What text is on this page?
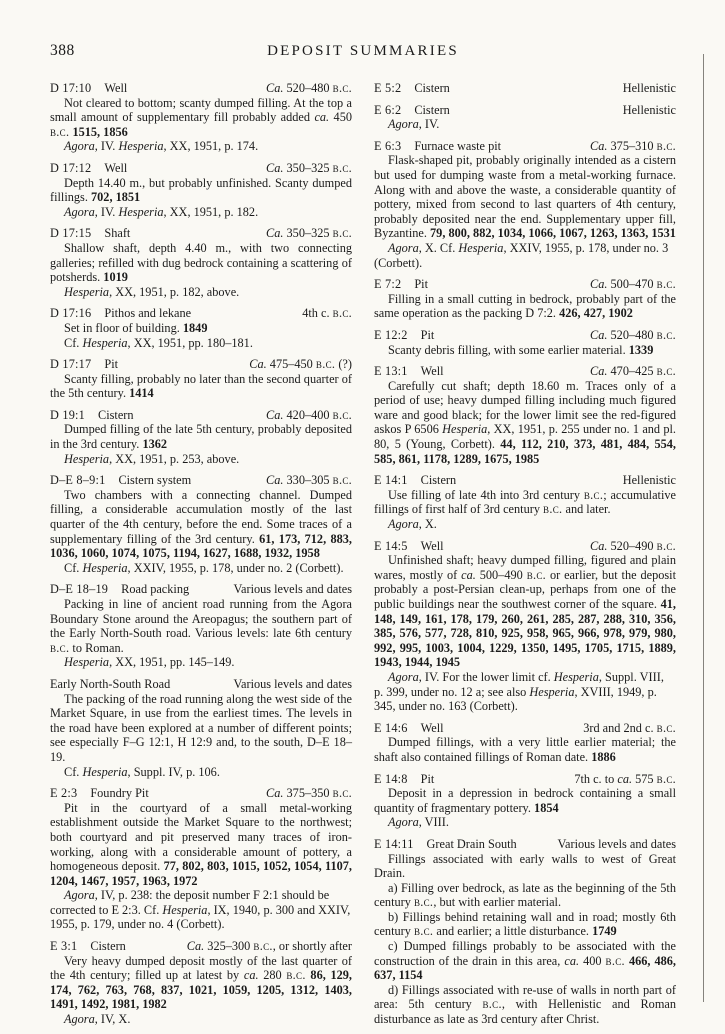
388	DEPOSIT SUMMARIES
D 17:10 Well	Ca. 520–480 b.c.

Not cleared to bottom; scanty dumped filling. At the top a small amount of supplementary fill probably added ca. 450 b.c. 1515, 1856

Agora, IV. Hesperia, XX, 1951, p. 174.

D 17:12 Well	Ca. 350–325 b.c.

Depth 14.40 m., but probably unfinished. Scanty dumped fillings. 702, 1851

Agora, IV. Hesperia, XX, 1951, p. 182.

D 17:15 Shaft	Ca. 350–325 b.c.

Shallow shaft, depth 4.40 m., with two connecting galleries; refilled with dug bedrock containing a scattering of potsherds. 1019

Hesperia, XX, 1951, p. 182, above.

D 17:16 Pithos and lekane	4th c. b.c.

Set in floor of building. 1849

Cf. Hesperia, XX, 1951, pp. 180–181.

D 17:17 Pit	Ca. 475–450 b.c. (?)

Scanty filling, probably no later than the second quarter of the 5th century. 1414

D 19:1 Cistern	Ca. 420–400 b.c.

Dumped filling of the late 5th century, probably deposited in the 3rd century. 1362

Hesperia, XX, 1951, p. 253, above.

D–E 8–9:1 Cistern system	Ca. 330–305 b.c.

Two chambers with a connecting channel. Dumped filling, a considerable accumulation mostly of the last quarter of the 4th century, before the end. Some traces of a supplementary filling of the 3rd century. 61, 173, 712, 883, 1036, 1060, 1074, 1075, 1194, 1627, 1688, 1932, 1958

Cf. Hesperia, XXIV, 1955, p. 178, under no. 2 (Corbett).

D–E 18–19 Road packing	Various levels and dates

Packing in line of ancient road running from the Agora Boundary Stone around the Areopagus; the southern part of the Early North-South road. Various levels: late 6th century b.c. to Roman.

Hesperia, XX, 1951, pp. 145–149.

Early North-South Road	Various levels and dates

The packing of the road running along the west side of the Market Square, in use from the earliest times. The levels in the road have been explored at a number of different points; see especially F–G 12:1, H 12:9 and, to the south, D–E 18–19.

Cf. Hesperia, Suppl. IV, p. 106.

E 2:3 Foundry Pit	Ca. 375–350 b.c.

Pit in the courtyard of a small metal-working establishment outside the Market Square to the northwest; both courtyard and pit preserved many traces of iron-working, along with a considerable amount of pottery, a homogeneous deposit. 77, 802, 803, 1015, 1052, 1054, 1107, 1204, 1467, 1957, 1963, 1972

Agora, IV, p. 238: the deposit number F 2:1 should be corrected to E 2:3. Cf. Hesperia, IX, 1940, p. 300 and XXIV, 1955, p. 179, under no. 4 (Corbett).

E 3:1 Cistern	Ca. 325–300 b.c., or shortly after

Very heavy dumped deposit mostly of the last quarter of the 4th century; filled up at latest by ca. 280 b.c. 86, 129, 174, 762, 763, 768, 837, 1021, 1059, 1205, 1312, 1403, 1491, 1492, 1981, 1982

Agora, IV, X.

E 5:2 Cistern	Hellenistic
E 6:2 Cistern	Hellenistic

Agora, IV.

E 6:3 Furnace waste pit	Ca. 375–310 b.c.

Flask-shaped pit, probably originally intended as a cistern but used for dumping waste from a metal-working furnace. Along with and above the waste, a considerable quantity of pottery, mixed from second to last quarters of 4th century, probably deposited near the end. Supplementary upper fill, Byzantine. 79, 800, 882, 1034, 1066, 1067, 1263, 1363, 1531

Agora, X. Cf. Hesperia, XXIV, 1955, p. 178, under no. 3 (Corbett).

E 7:2 Pit	Ca. 500–470 b.c.

Filling in a small cutting in bedrock, probably part of the same operation as the packing D 7:2. 426, 427, 1902

E 12:2 Pit	Ca. 520–480 b.c.

Scanty debris filling, with some earlier material. 1339

E 13:1 Well	Ca. 470–425 b.c.

Carefully cut shaft; depth 18.60 m. Traces only of a period of use; heavy dumped filling including much figured ware and good black; for the lower limit see the red-figured askos P 6506 Hesperia, XX, 1951, p. 255 under no. 1 and pl. 80, 5 (Young, Corbett). 44, 112, 210, 373, 481, 484, 554, 585, 861, 1178, 1289, 1675, 1985

E 14:1 Cistern	Hellenistic

Use filling of late 4th into 3rd century b.c.; accumulative fillings of first half of 3rd century b.c. and later.

Agora, X.

E 14:5 Well	Ca. 520–490 b.c.

Unfinished shaft; heavy dumped filling, figured and plain wares, mostly of ca. 500–490 b.c. or earlier, but the deposit probably a post-Persian clean-up, perhaps from one of the public buildings near the southwest corner of the square. 41, 148, 149, 161, 178, 179, 260, 261, 285, 287, 288, 310, 356, 385, 576, 577, 728, 810, 925, 958, 965, 966, 978, 979, 980, 992, 995, 1003, 1004, 1229, 1350, 1495, 1705, 1715, 1889, 1943, 1944, 1945

Agora, IV. For the lower limit cf. Hesperia, Suppl. VIII, p. 399, under no. 12 a; see also Hesperia, XVIII, 1949, p. 345, under no. 163 (Corbett).

E 14:6 Well	3rd and 2nd c. b.c.

Dumped fillings, with a very little earlier material; the shaft also contained fillings of Roman date. 1886

E 14:8 Pit	7th c. to ca. 575 b.c.

Deposit in a depression in bedrock containing a small quantity of fragmentary pottery. 1854

Agora, VIII.

E 14:11 Great Drain South	Various levels and dates

Fillings associated with early walls to west of Great Drain.

a) Filling over bedrock, as late as the beginning of the 5th century b.c., but with earlier material.

b) Fillings behind retaining wall and in road; mostly 6th century b.c. and earlier; a little disturbance. 1749

c) Dumped fillings probably to be associated with the construction of the drain in this area, ca. 400 b.c. 466, 486, 637, 1154

d) Fillings associated with re-use of walls in north part of area: 5th century b.c., with Hellenistic and Roman disturbance as late as 3rd century after Christ.
